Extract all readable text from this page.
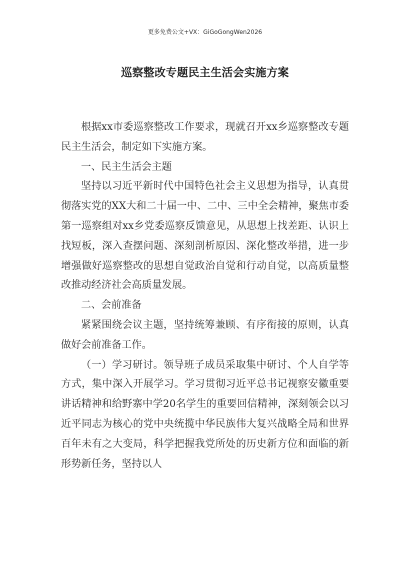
更多免费公文+VX：GiGoGongWen2026
巡察整改专题民主生活会实施方案

根据xx市委巡察整改工作要求，现就召开xx乡巡察整改专题民主生活会，制定如下实施方案。

一、民主生活会主题

坚持以习近平新时代中国特色社会主义思想为指导，认真贯彻落实党的XX大和二十届一中、二中、三中全会精神，聚焦市委第一巡察组对xx乡党委巡察反馈意见，从思想上找差距、认识上找短板，深入查摆问题、深刻剖析原因、深化整改举措，进一步增强做好巡察整改的思想自觉政治自觉和行动自觉，以高质量整改推动经济社会高质量发展。

二、会前准备

紧紧围绕会议主题，坚持统筹兼顾、有序衔接的原则，认真做好会前准备工作。

（一）学习研讨。领导班子成员采取集中研讨、个人自学等方式，集中深入开展学习。学习贯彻习近平总书记视察安徽重要讲话精神和给野寨中学20名学生的重要回信精神，深刻领会以习近平同志为核心的党中央统揽中华民族伟大复兴战略全局和世界百年未有之大变局，科学把握我党所处的历史新方位和面临的新形势新任务，坚持以人
